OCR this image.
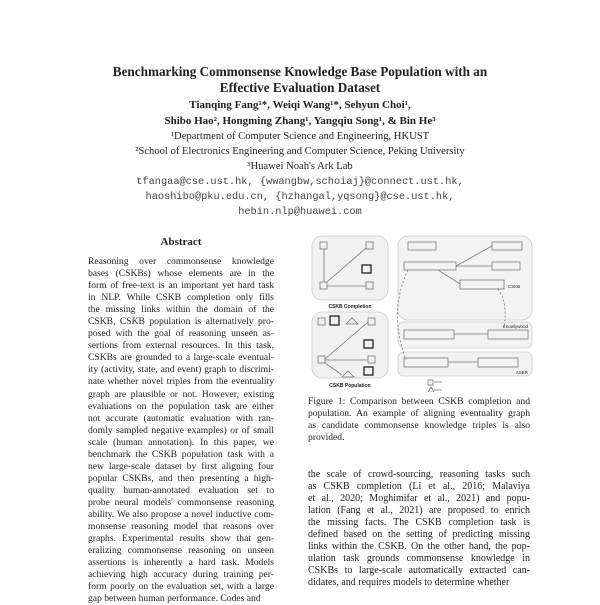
Benchmarking Commonsense Knowledge Base Population with an
Effective Evaluation Dataset
Tianqing Fang¹*, Weiqi Wang¹*, Sehyun Choi¹,
Shibo Hao², Hongming Zhang¹, Yangqiu Song¹, & Bin He³
¹Department of Computer Science and Engineering, HKUST
²School of Electronics Engineering and Computer Science, Peking University
³Huawei Noah's Ark Lab
tfangaa@cse.ust.hk, {wwangbw,schoiaj}@connect.ust.hk,
haoshibo@pku.edu.cn, {hzhangal,yqsong}@cse.ust.hk,
hebin.nlp@huawei.com
Abstract
Reasoning over commonsense knowledge
bases (CSKBs) whose elements are in the
form of free-text is an important yet hard task
in NLP. While CSKB completion only fills
the missing links within the domain of the
CSKB, CSKB population is alternatively pro-
posed with the goal of reasoning unseen as-
sertions from external resources. In this task,
CSKBs are grounded to a large-scale eventual-
ity (activity, state, and event) graph to discrimi-
nate whether novel triples from the eventuality
graph are plausible or not. However, existing
evaluations on the population task are either
not accurate (automatic evaluation with ran-
domly sampled negative examples) or of small
scale (human annotation). In this paper, we
benchmark the CSKB population task with a
new large-scale dataset by first aligning four
popular CSKBs, and then presenting a high-
quality human-annotated evaluation set to
probe neural models' commonsense reasoning
ability. We also propose a novel inductive com-
monsense reasoning model that reasons over
graphs. Experimental results show that gen-
eralizing commonsense reasoning on unseen
assertions is inherently a hard task. Models
achieving high accuracy during training per-
form poorly on the evaluation set, with a large
gap between human performance. Codes and
CSKB Completion
CSKB Population
CSKB
Knowlywood
ASER
Figure 1: Comparison between CSKB completion and
population. An example of aligning eventuality graph
as candidate commonsense knowledge triples is also
provided.
the scale of crowd-sourcing, reasoning tasks such
as CSKB completion (Li et al., 2016; Malaviya
et al., 2020; Moghimifar et al., 2021) and popu-
lation (Fang et al., 2021) are proposed to enrich
the missing facts. The CSKB completion task is
defined based on the setting of predicting missing
links within the CSKB. On the other hand, the pop-
ulation task grounds commonsense knowledge in
CSKBs to large-scale automatically extracted can-
didates, and requires models to determine whether
